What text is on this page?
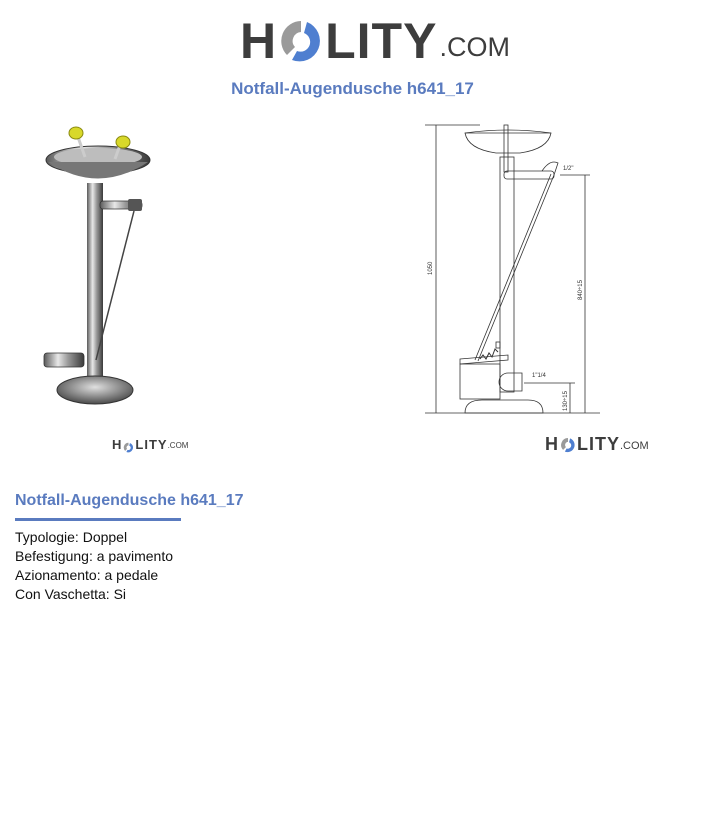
H LITY .COM
Notfall-Augendusche h641_17
H LITY .COM
1/2"
1"1/4
1050
840÷15
130÷15
H LITY .COM
Notfall-Augendusche h641_17
Typologie: Doppel
Befestigung: a pavimento
Azionamento: a pedale
Con Vaschetta: Si
